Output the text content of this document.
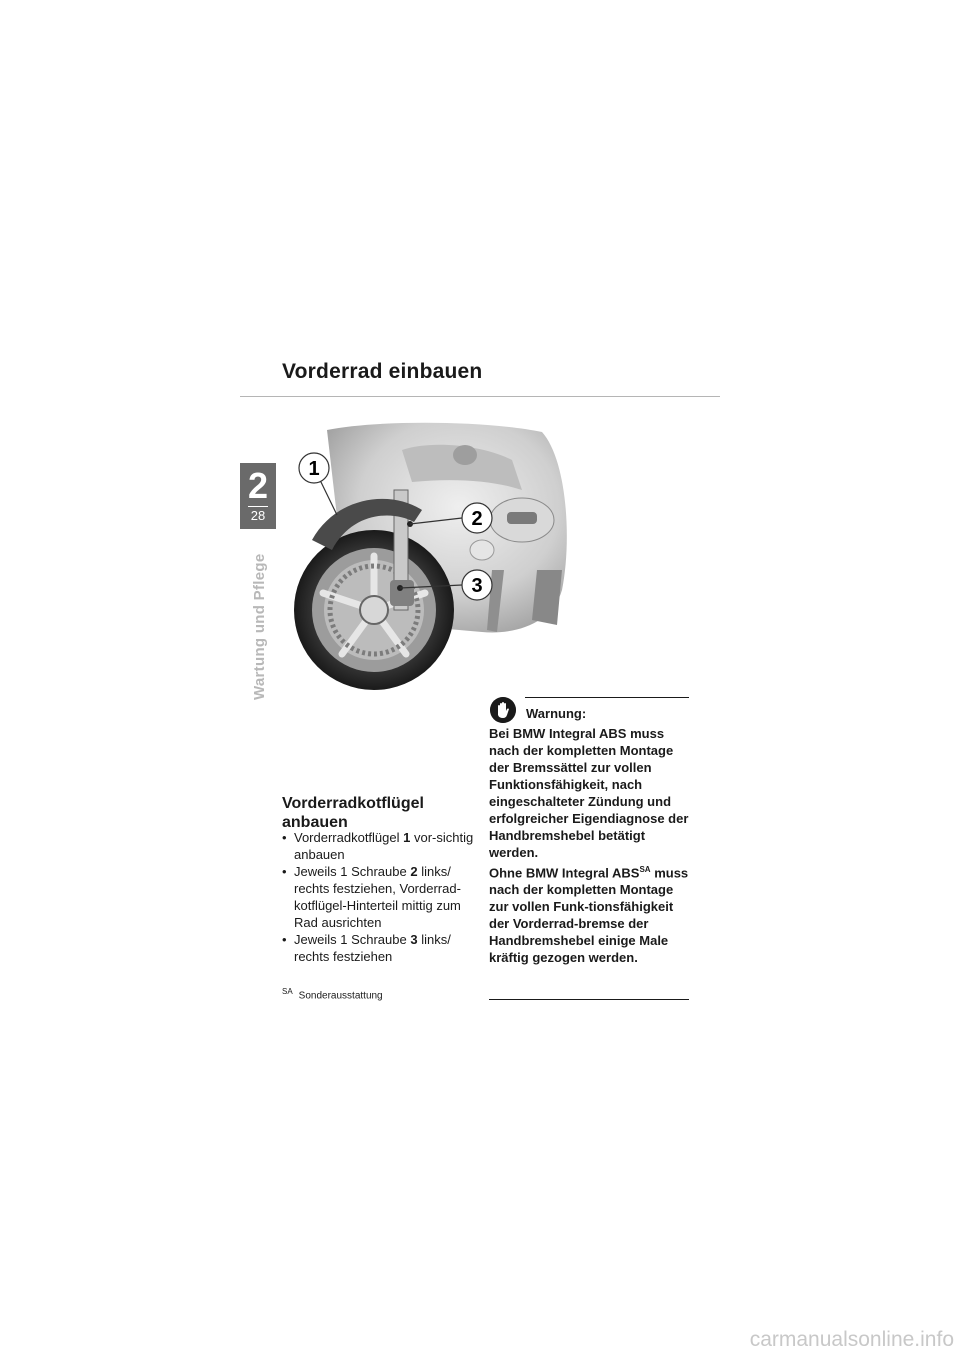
Vorderrad einbauen
2
28
Wartung und Pflege
1
2
3
Vorderradkotflügel anbauen
• Vorderradkotflügel 1 vor-sichtig anbauen
• Jeweils 1 Schraube 2 links/ rechts festziehen, Vorderrad-kotflügel-Hinterteil mittig zum Rad ausrichten
• Jeweils 1 Schraube 3 links/ rechts festziehen
$^{SA}$ Sonderausstattung
Warnung:
Bei BMW Integral ABS muss nach der kompletten Montage der Bremssättel zur vollen Funktionsfähigkeit, nach eingeschalteter Zündung und erfolgreicher Eigendiagnose der Handbremshebel betätigt werden.
Ohne BMW Integral $ABS^{SA}$ muss nach der kompletten Montage zur vollen Funk-tionsfähigkeit der Vorderrad-bremse der Handbremshebel einige Male kräftig gezogen werden.
carmanualsonline.info
